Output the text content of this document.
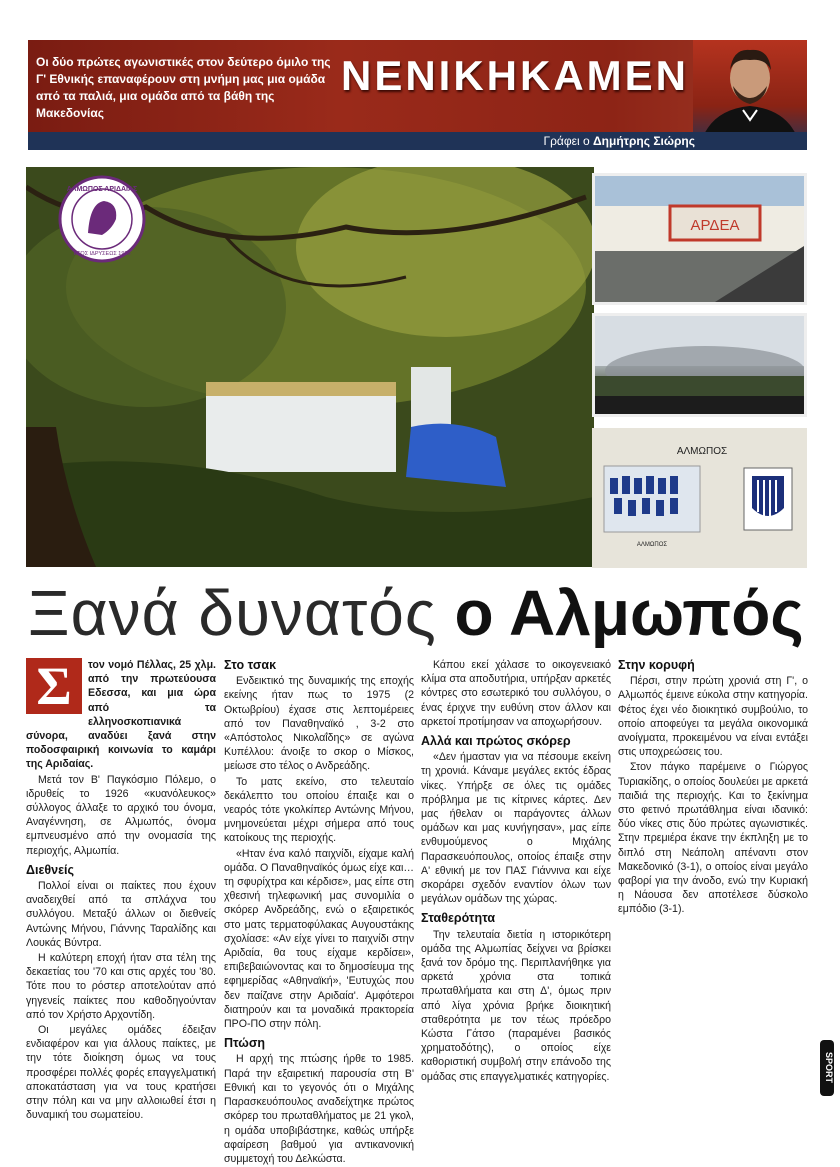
Οι δύο πρώτες αγωνιστικές στον δεύτερο όμιλο της Γ' Εθνικής επαναφέρουν στη μνήμη μας μια ομάδα από τα παλιά, μια ομάδα από τα βάθη της Μακεδονίας
ΝΕΝΙΚΗΚΑΜΕΝ
Γράφει ο Δημήτρης Σιώρης
ΑΛΜΩΠΟΣ ΑΡΙΔΑΙΑΣ
ΕΤΟΣ ΙΔΡΥΣΕΩΣ 1926
ΑΡΔΕΑ
ΑΛΜΩΠΟΣ
ΑΛΜΩΠΟΣ
Ξανά δυνατός ο Αλμωπός
Σ	τον νομό Πέλλας, 25 χλμ. από την πρωτεύουσα Εδεσσα, και μια ώρα από τα ελληνοσκοπιανικά σύνορα, αναδύει ξανά στην ποδοσφαιρική κοινωνία το καμάρι της Αριδαίας.

Μετά τον Β' Παγκόσμιο Πόλεμο, ο ιδρυθείς το 1926 «κυανόλευκος» σύλλογος άλλαξε το αρχικό του όνομα, Αναγέννηση, σε Αλμωπός, όνομα εμπνευσμένο από την ονομασία της περιοχής, Αλμωπία.

Διεθνείς

Πολλοί είναι οι παίκτες που έχουν αναδειχθεί από τα σπλάχνα του συλλόγου. Μεταξύ άλλων οι διεθνείς Αντώνης Μήνου, Γιάννης Ταραλίδης και Λουκάς Βύντρα.

Η καλύτερη εποχή ήταν στα τέλη της δεκαετίας του '70 και στις αρχές του '80. Τότε που το ρόστερ αποτελούταν από γηγενείς παίκτες που καθοδηγούνταν από τον Χρήστο Αρχοντίδη.

Οι μεγάλες ομάδες έδειξαν ενδιαφέρον και για άλλους παίκτες, με την τότε διοίκηση όμως να τους προσφέρει πολλές φορές επαγγελματική αποκατάσταση για να τους κρατήσει στην πόλη και να μην αλλοιωθεί έτσι η δυναμική του σωματείου.

Στο τσακ

Ενδεικτικό της δυναμικής της εποχής εκείνης ήταν πως το 1975 (2 Οκτωβρίου) έχασε στις λεπτομέρειες από τον Παναθηναϊκό , 3-2 στο «Απόστολος Νικολαΐδης» σε αγώνα Κυπέλλου: άνοιξε το σκορ ο Μίσκος, μείωσε στο τέλος ο Ανδρεάδης.

Το ματς εκείνο, στο τελευταίο δεκάλεπτο του οποίου έπαιξε και ο νεαρός τότε γκολκίπερ Αντώνης Μήνου, μνημονεύεται μέχρι σήμερα από τους κατοίκους της περιοχής.

«Ηταν ένα καλό παιχνίδι, είχαμε καλή ομάδα. Ο Παναθηναϊκός όμως είχε και… τη σφυρίχτρα και κέρδισε», μας είπε στη χθεσινή τηλεφωνική μας συνομιλία ο σκόρερ Ανδρεάδης, ενώ ο εξαιρετικός στο ματς τερματοφύλακας Αυγουστάκης σχολίασε: «Αν είχε γίνει το παιχνίδι στην Αριδαία, θα τους είχαμε κερδίσει», επιβεβαιώνοντας και το δημοσίευμα της εφημερίδας «Αθηναϊκή», 'Ευτυχώς που δεν παίζανε στην Αριδαία'. Αμφότεροι διατηρούν και τα μοναδικά πρακτορεία ΠΡΟ-ΠΟ στην πόλη.

Πτώση

Η αρχή της πτώσης ήρθε το 1985. Παρά την εξαιρετική παρουσία στη Β' Εθνική και το γεγονός ότι ο Μιχάλης Παρασκευόπουλος αναδείχτηκε πρώτος σκόρερ του πρωταθλήματος με 21 γκολ, η ομάδα υποβιβάστηκε, καθώς υπήρξε αφαίρεση βαθμού για αντικανονική συμμετοχή του Δελκώστα.

Κάπου εκεί χάλασε το οικογενειακό κλίμα στα αποδυτήρια, υπήρξαν αρκετές κόντρες στο εσωτερικό του συλλόγου, ο ένας έριχνε την ευθύνη στον άλλον και αρκετοί προτίμησαν να αποχωρήσουν.

Αλλά και πρώτος σκόρερ

«Δεν ήμασταν για να πέσουμε εκείνη τη χρονιά. Κάναμε μεγάλες εκτός έδρας νίκες. Υπήρξε σε όλες τις ομάδες πρόβλημα με τις κίτρινες κάρτες. Δεν μας ήθελαν οι παράγοντες άλλων ομάδων και μας κυνήγησαν», μας είπε ενθυμούμενος ο Μιχάλης Παρασκευόπουλος, οποίος έπαιξε στην Α' εθνική με τον ΠΑΣ Γιάννινα και είχε σκοράρει σχεδόν εναντίον όλων των μεγάλων ομάδων της χώρας.

Σταθερότητα

Την τελευταία διετία η ιστορικότερη ομάδα της Αλμωπίας δείχνει να βρίσκει ξανά τον δρόμο της. Περιπλανήθηκε για αρκετά χρόνια στα τοπικά πρωταθλήματα και στη Δ', όμως πριν από λίγα χρόνια βρήκε διοικητική σταθερότητα με τον τέως πρόεδρο Κώστα Γάτσο (παραμένει βασικός χρηματοδότης), ο οποίος είχε καθοριστική συμβολή στην επάνοδο της ομάδας στις επαγγελματικές κατηγορίες.

Στην κορυφή

Πέρσι, στην πρώτη χρονιά στη Γ', ο Αλμωπός έμεινε εύκολα στην κατηγορία. Φέτος έχει νέο διοικητικό συμβούλιο, το οποίο αποφεύγει τα μεγάλα οικονομικά ανοίγματα, προκειμένου να είναι εντάξει στις υποχρεώσεις του.

Στον πάγκο παρέμεινε ο Γιώργος Τυριακίδης, ο οποίος δουλεύει με αρκετά παιδιά της περιοχής. Και το ξεκίνημα στο φετινό πρωτάθλημα είναι ιδανικό: δύο νίκες στις δύο πρώτες αγωνιστικές. Στην πρεμιέρα έκανε την έκπληξη με το διπλό στη Νεάπολη απέναντι στον Μακεδονικό (3-1), ο οποίος είναι μεγάλο φαβορί για την άνοδο, ενώ την Κυριακή η Νάουσα δεν αποτέλεσε δύσκολο εμπόδιο (3-1).

SPORT
